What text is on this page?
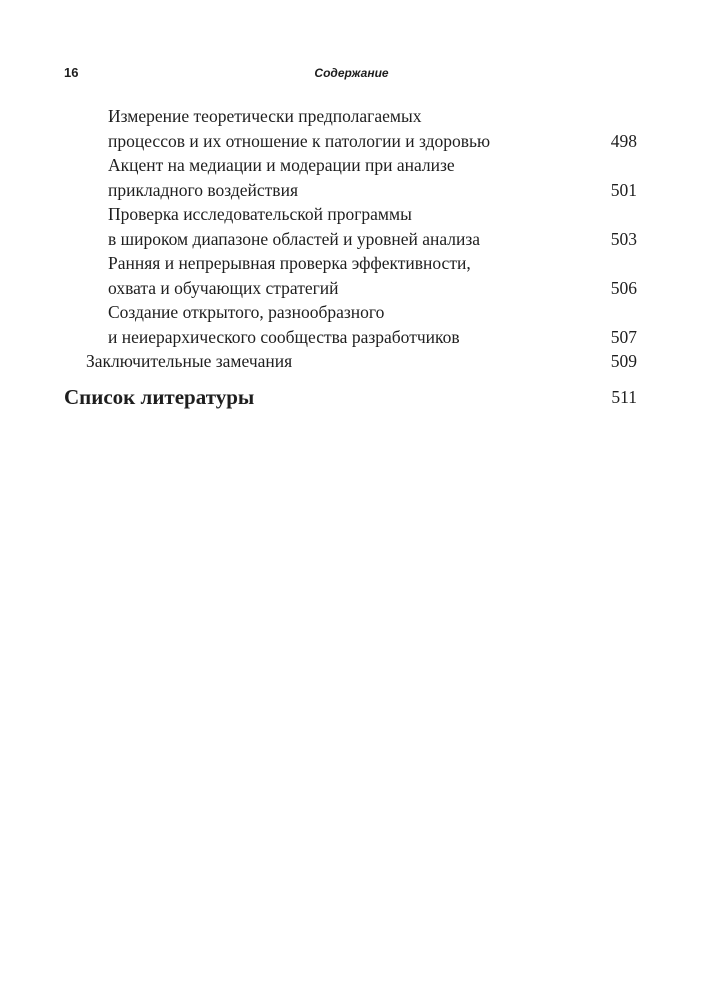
16	Содержание
Измерение теоретически предполагаемых
процессов и их отношение к патологии и здоровью	498
Акцент на медиации и модерации при анализе
прикладного воздействия	501
Проверка исследовательской программы
в широком диапазоне областей и уровней анализа	503
Ранняя и непрерывная проверка эффективности,
охвата и обучающих стратегий	506
Создание открытого, разнообразного
и неиерархического сообщества разработчиков	507
Заключительные замечания	509
Список литературы	511
